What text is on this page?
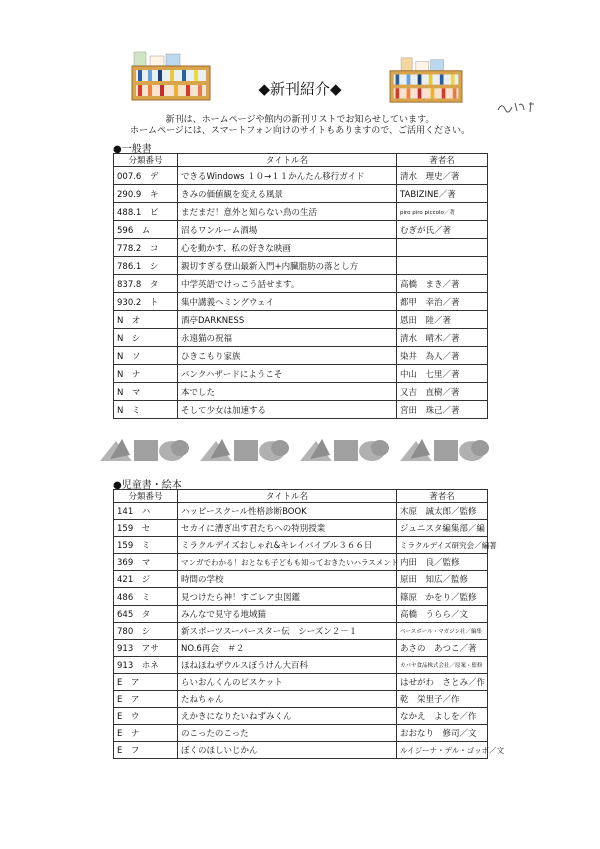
◆新刊紹介◆
新刊は、ホームページや館内の新刊リストでお知らせしています。
ホームページには、スマートフォン向けのサイトもありますので、ご活用ください。
●一般書
分類番号	タイトル名	著者名
007.6　デ	できるWindows １０→１１かんたん移行ガイド	清水　理史／著
290.9　キ	きみの価値観を変える風景	TABIZINE／著
488.1　ビ	まだまだ！意外と知らない鳥の生活	piro piro piccolo／著
596　ム	沼るワンルーム酒場	むぎが氏／著
778.2　コ	心を動かす、私の好きな映画	
786.1　シ	親切すぎる登山最新入門+内臓脂肪の落とし方	
837.8　タ	中学英語でけっこう話せます。	高橋　まき／著
930.2　ト	集中講義ヘミングウェイ	都甲　幸治／著
N　オ	酒亭DARKNESS	恩田　陸／著
N　シ	永遠猫の祝福	清水　晴木／著
N　ソ	ひきこもり家族	染井　為人／著
N　ナ	バンクハザードにようこそ	中山　七里／著
N　マ	本でした	又吉　直樹／著
N　ミ	そして少女は加速する	宮田　珠己／著
●児童書・絵本
分類番号	タイトル名	著者名
141　ハ	ハッピースクール性格診断BOOK	木原　誠太郎／監修
159　セ	セカイに漕ぎ出す君たちへの特別授業	ジュニスタ編集部／編
159　ミ	ミラクルデイズおしゃれ&キレイバイブル３６６日	ミラクルデイズ研究会／編著
369　マ	マンガでわかる！おとなも子どもも知っておきたいハラスメント	内田　良／監修
421　ジ	時間の学校	原田　知広／監修
486　ミ	見つけたら神！すごレア虫図鑑	篠原　かをり／監修
645　タ	みんなで見守る地域猫	高橋　うらら／文
780　シ	新スポーツスーパースター伝　シーズン２－１	ベースボール・マガジン社／編集
913　アサ	NO.6再会　＃２	あさの　あつこ／著
913　ホネ	ほねほねザウルスぼうけん大百科	カバヤ食品株式会社／原案・監修
E　ア	らいおんくんのビスケット	はせがわ　さとみ／作
E　ア	たねちゃん	乾　栄里子／作
E　ウ	えかきになりたいねずみくん	なかえ　よしを／作
E　ナ	のこったのこった	おおなり　修司／文
E　フ	ぼくのほしいじかん	ルイジーナ・デル・ゴッボ／文
